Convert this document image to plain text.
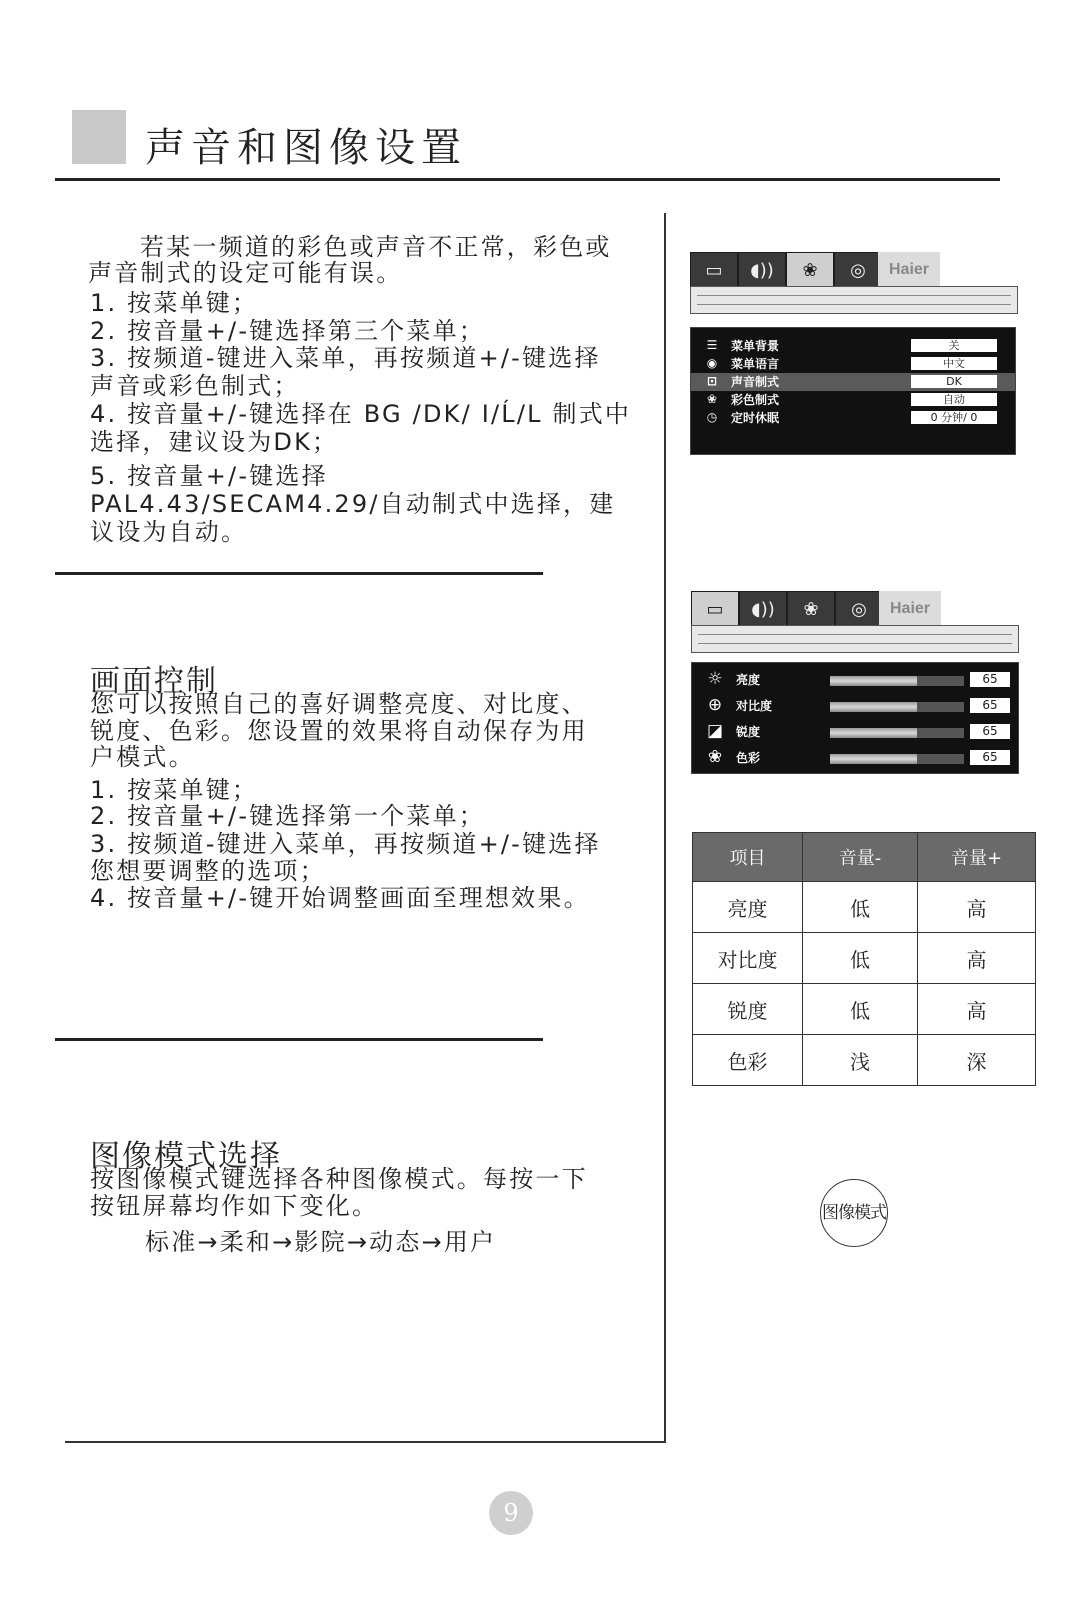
声音和图像设置
若某一频道的彩色或声音不正常，彩色或
声音制式的设定可能有误。
1. 按菜单键；
2. 按音量+/-键选择第三个菜单；
3. 按频道-键进入菜单，再按频道+/-键选择
声音或彩色制式；
4. 按音量+/-键选择在 BG /DK/ I/Ĺ/L 制式中
选择，建议设为DK；
5. 按音量+/-键选择
PAL4.43/SECAM4.29/自动制式中选择，建
议设为自动。
画面控制
您可以按照自己的喜好调整亮度、对比度、
锐度、色彩。您设置的效果将自动保存为用
户模式。
1. 按菜单键；
2. 按音量+/-键选择第一个菜单；
3. 按频道-键进入菜单，再按频道+/-键选择
您想要调整的选项；
4. 按音量+/-键开始调整画面至理想效果。
图像模式选择
按图像模式键选择各种图像模式。每按一下
按钮屏幕均作如下变化。
标准→柔和→影院→动态→用户
▭	◖))	❀	◎	Haier
☰	菜单背景	关
◉	菜单语言	中文
⊡	声音制式	DK
❀	彩色制式	自动
◷	定时休眠	0 分钟/ 0
▭	◖))	❀	◎	Haier
☼	亮度	65
⊕	对比度	65
◪	锐度	65
❀	色彩	65
项目	音量-	音量+
亮度	低	高
对比度	低	高
锐度	低	高
色彩	浅	深
图像模式
9
